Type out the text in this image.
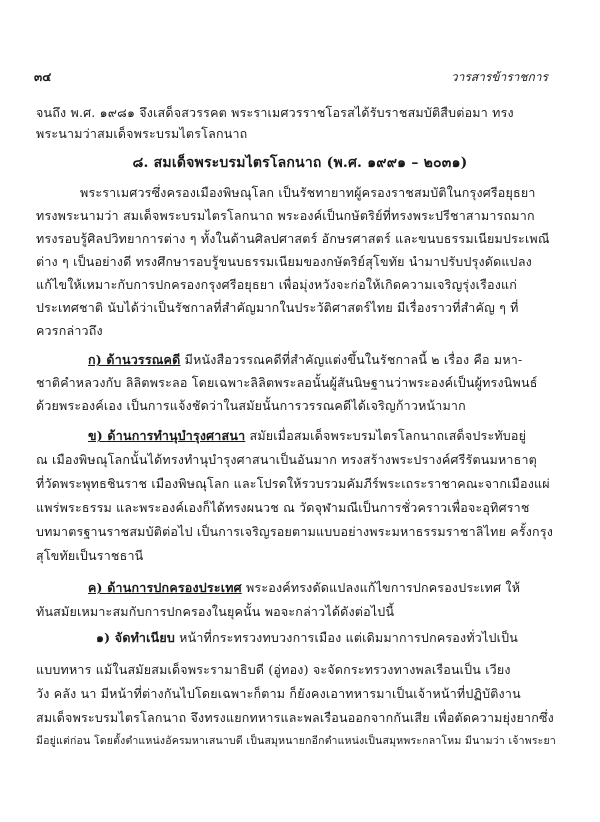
๓๔	วารสารข้าราชการ
จนถึง พ.ศ. ๑๙๘๑ จึงเสด็จสวรรคต พระราเมศวรราชโอรสได้รับราชสมบัติสืบต่อมา ทรง
พระนามว่าสมเด็จพระบรมไตรโลกนาถ
๘. สมเด็จพระบรมไตรโลกนาถ (พ.ศ. ๑๙๙๑ – ๒๐๓๑)
พระราเมศวรซึ่งครองเมืองพิษณุโลก เป็นรัชทายาทผู้ครองราชสมบัติในกรุงศรีอยุธยา
ทรงพระนามว่า สมเด็จพระบรมไตรโลกนาถ พระองค์เป็นกษัตริย์ที่ทรงพระปรีชาสามารถมาก
ทรงรอบรู้ศิลปวิทยาการต่าง ๆ ทั้งในด้านศิลปศาสตร์ อักษรศาสตร์ และขนบธรรมเนียมประเพณี
ต่าง ๆ เป็นอย่างดี ทรงศึกษารอบรู้ขนบธรรมเนียมของกษัตริย์สุโขทัย นำมาปรับปรุงดัดแปลง
แก้ไขให้เหมาะกับการปกครองกรุงศรีอยุธยา เพื่อมุ่งหวังจะก่อให้เกิดความเจริญรุ่งเรืองแก่
ประเทศชาติ นับได้ว่าเป็นรัชกาลที่สำคัญมากในประวัติศาสตร์ไทย มีเรื่องราวที่สำคัญ ๆ ที่
ควรกล่าวถึง
ก) ด้านวรรณคดี มีหนังสือวรรณคดีที่สำคัญแต่งขึ้นในรัชกาลนี้ ๒ เรื่อง คือ มหา-
ชาติคำหลวงกับ ลิลิตพระลอ โดยเฉพาะลิลิตพระลอนั้นผู้สันนิษฐานว่าพระองค์เป็นผู้ทรงนิพนธ์
ด้วยพระองค์เอง เป็นการแจ้งชัดว่าในสมัยนั้นการวรรณคดีได้เจริญก้าวหน้ามาก
ข) ด้านการทำนุบำรุงศาสนา สมัยเมื่อสมเด็จพระบรมไตรโลกนาถเสด็จประทับอยู่
ณ เมืองพิษณุโลกนั้นได้ทรงทำนุบำรุงศาสนาเป็นอันมาก ทรงสร้างพระปรางค์ศรีรัตนมหาธาตุ
ที่วัดพระพุทธชินราช เมืองพิษณุโลก และโปรดให้รวบรวมคัมภีร์พระเถระราชาคณะจากเมืองแผ่
แพร่พระธรรม และพระองค์เองก็ได้ทรงผนวช ณ วัดจุฬามณีเป็นการชั่วคราวเพื่อจะอุทิศราช
บทมาตรฐานราชสมบัติต่อไป เป็นการเจริญรอยตามแบบอย่างพระมหาธรรมราชาลิไทย ครั้งกรุง
สุโขทัยเป็นราชธานี
ค) ด้านการปกครองประเทศ พระองค์ทรงดัดแปลงแก้ไขการปกครองประเทศ ให้
ทันสมัยเหมาะสมกับการปกครองในยุคนั้น พอจะกล่าวได้ดังต่อไปนี้
๑) จัดทำเนียบ หน้าที่กระทรวงทบวงการเมือง แต่เดิมมาการปกครองทั่วไปเป็น
แบบทหาร แม้ในสมัยสมเด็จพระรามาธิบดี (อู่ทอง) จะจัดกระทรวงทางพลเรือนเป็น เวียง
วัง คลัง นา มีหน้าที่ต่างกันไปโดยเฉพาะก็ตาม ก็ยังคงเอาทหารมาเป็นเจ้าหน้าที่ปฏิบัติงาน
สมเด็จพระบรมไตรโลกนาถ จึงทรงแยกทหารและพลเรือนออกจากกันเสีย เพื่อตัดความยุ่งยากซึ่ง
มีอยู่แต่ก่อน โดยตั้งตำแหน่งอัครมหาเสนาบดี เป็นสมุหนายกอีกตำแหน่งเป็นสมุหพระกลาโหม มีนามว่า เจ้าพระยา
